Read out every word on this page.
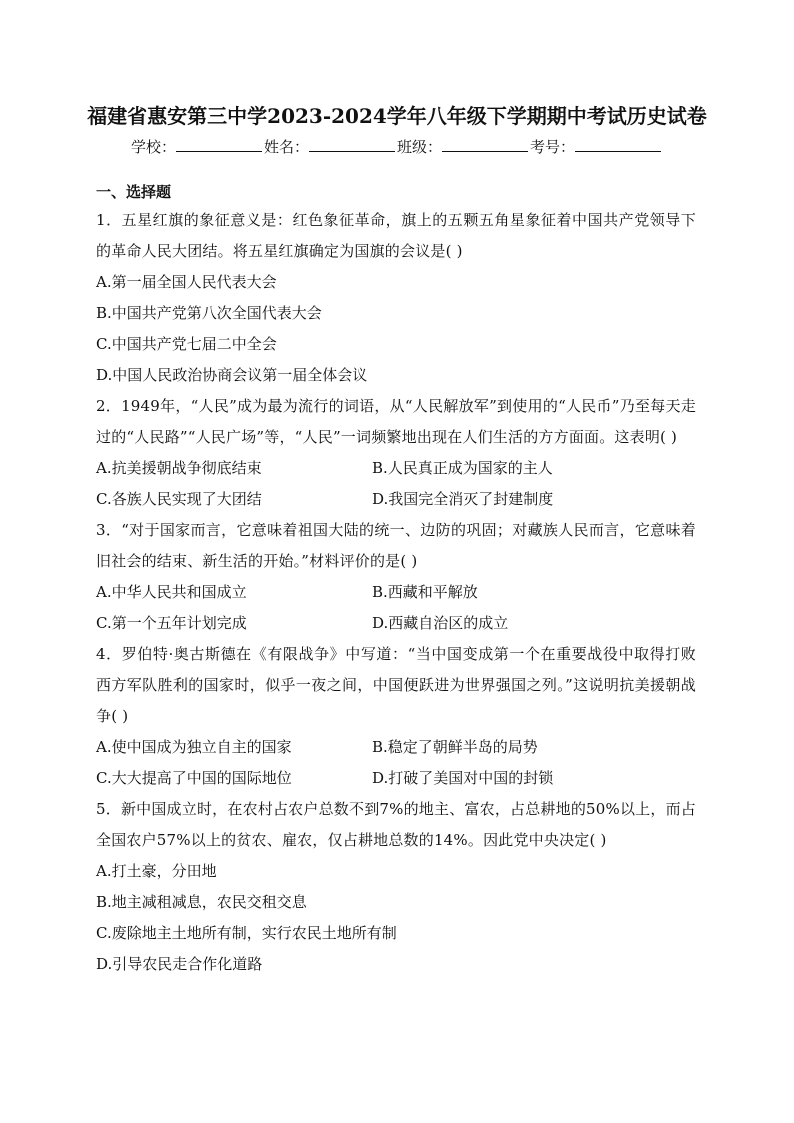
福建省惠安第三中学2023-2024学年八年级下学期期中考试历史试卷
学校：	姓名：	班级：	考号：
一、选择题
1．五星红旗的象征意义是：红色象征革命，旗上的五颗五角星象征着中国共产党领导下的革命人民大团结。将五星红旗确定为国旗的会议是( )
A.第一届全国人民代表大会
B.中国共产党第八次全国代表大会
C.中国共产党七届二中全会
D.中国人民政治协商会议第一届全体会议
2．1949年，“人民”成为最为流行的词语，从“人民解放军”到使用的“人民币”乃至每天走过的“人民路”“人民广场”等，“人民”一词频繁地出现在人们生活的方方面面。这表明( )
A.抗美援朝战争彻底结束	B.人民真正成为国家的主人
C.各族人民实现了大团结	D.我国完全消灭了封建制度
3．“对于国家而言，它意味着祖国大陆的统一、边防的巩固；对藏族人民而言，它意味着旧社会的结束、新生活的开始。”材料评价的是( )
A.中华人民共和国成立	B.西藏和平解放
C.第一个五年计划完成	D.西藏自治区的成立
4．罗伯特·奥古斯德在《有限战争》中写道：“当中国变成第一个在重要战役中取得打败西方军队胜利的国家时，似乎一夜之间，中国便跃进为世界强国之列。”这说明抗美援朝战争( )
A.使中国成为独立自主的国家	B.稳定了朝鲜半岛的局势
C.大大提高了中国的国际地位	D.打破了美国对中国的封锁
5．新中国成立时，在农村占农户总数不到7%的地主、富农，占总耕地的50%以上，而占全国农户57%以上的贫农、雇农，仅占耕地总数的14%。因此党中央决定( )
A.打土豪，分田地
B.地主减租减息，农民交租交息
C.废除地主土地所有制，实行农民土地所有制
D.引导农民走合作化道路
